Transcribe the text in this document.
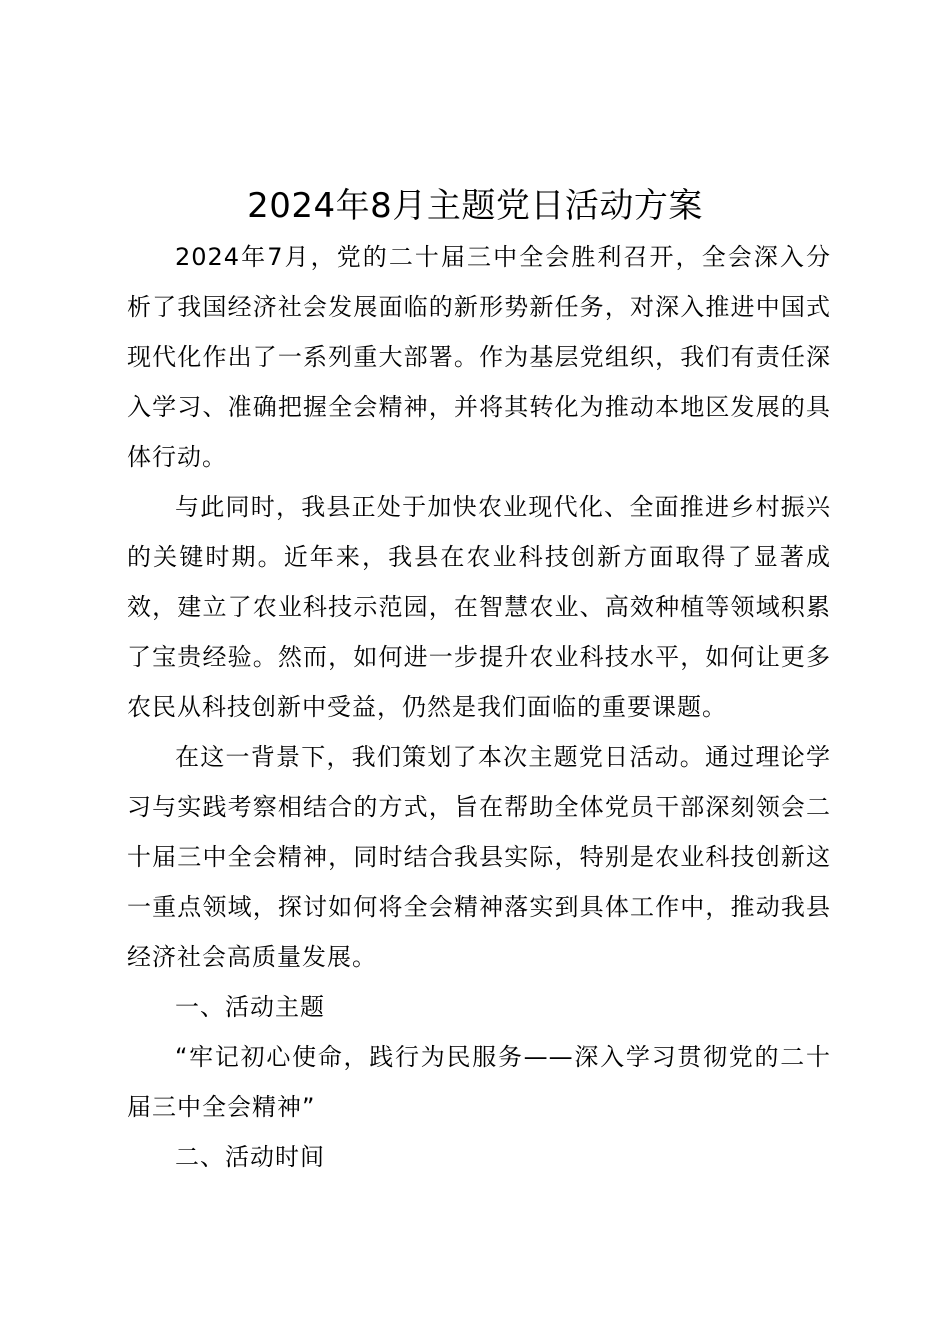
2024年8月主题党日活动方案

2024年7月，党的二十届三中全会胜利召开，全会深入分析了我国经济社会发展面临的新形势新任务，对深入推进中国式现代化作出了一系列重大部署。作为基层党组织，我们有责任深入学习、准确把握全会精神，并将其转化为推动本地区发展的具体行动。

与此同时，我县正处于加快农业现代化、全面推进乡村振兴的关键时期。近年来，我县在农业科技创新方面取得了显著成效，建立了农业科技示范园，在智慧农业、高效种植等领域积累了宝贵经验。然而，如何进一步提升农业科技水平，如何让更多农民从科技创新中受益，仍然是我们面临的重要课题。

在这一背景下，我们策划了本次主题党日活动。通过理论学习与实践考察相结合的方式，旨在帮助全体党员干部深刻领会二十届三中全会精神，同时结合我县实际，特别是农业科技创新这一重点领域，探讨如何将全会精神落实到具体工作中，推动我县经济社会高质量发展。

一、活动主题

“牢记初心使命，践行为民服务——深入学习贯彻党的二十届三中全会精神”

二、活动时间
